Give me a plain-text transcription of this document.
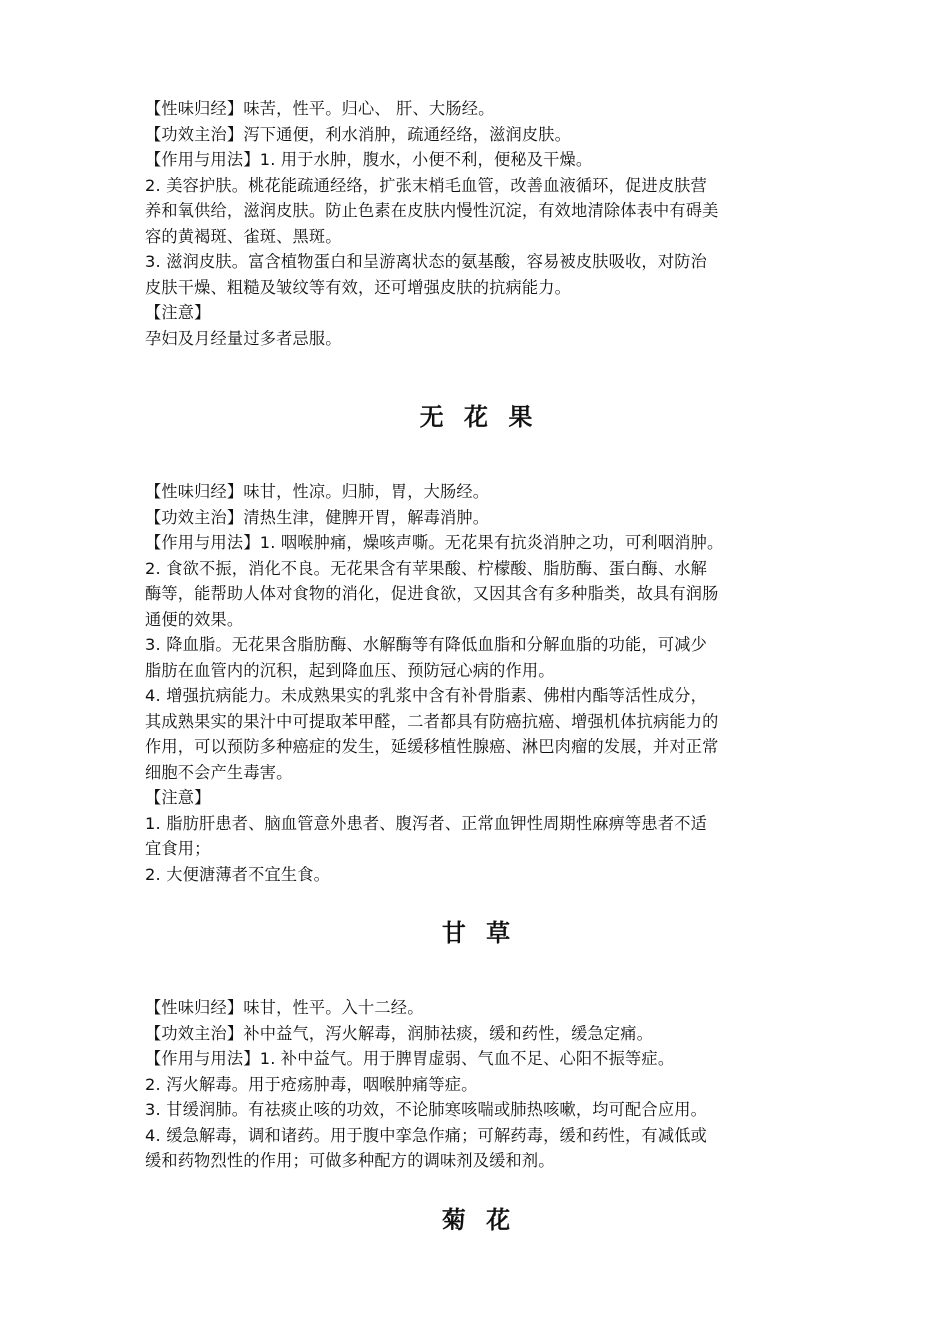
【性味归经】味苦，性平。归心、 肝、大肠经。
【功效主治】泻下通便，利水消肿，疏通经络，滋润皮肤。
【作用与用法】1. 用于水肿，腹水，小便不利，便秘及干燥。
2. 美容护肤。桃花能疏通经络，扩张末梢毛血管，改善血液循环，促进皮肤营
养和氧供给，滋润皮肤。防止色素在皮肤内慢性沉淀，有效地清除体表中有碍美
容的黄褐斑、雀斑、黑斑。
3. 滋润皮肤。富含植物蛋白和呈游离状态的氨基酸，容易被皮肤吸收，对防治
皮肤干燥、粗糙及皱纹等有效，还可增强皮肤的抗病能力。
【注意】
孕妇及月经量过多者忌服。
无 花 果
【性味归经】味甘，性凉。归肺，胃，大肠经。
【功效主治】清热生津，健脾开胃，解毒消肿。
【作用与用法】1. 咽喉肿痛，燥咳声嘶。无花果有抗炎消肿之功，可利咽消肿。
2. 食欲不振，消化不良。无花果含有苹果酸、柠檬酸、脂肪酶、蛋白酶、水解
酶等，能帮助人体对食物的消化，促进食欲，又因其含有多种脂类，故具有润肠
通便的效果。
3. 降血脂。无花果含脂肪酶、水解酶等有降低血脂和分解血脂的功能，可减少
脂肪在血管内的沉积，起到降血压、预防冠心病的作用。
4. 增强抗病能力。未成熟果实的乳浆中含有补骨脂素、佛柑内酯等活性成分，
其成熟果实的果汁中可提取苯甲醛，二者都具有防癌抗癌、增强机体抗病能力的
作用，可以预防多种癌症的发生，延缓移植性腺癌、淋巴肉瘤的发展，并对正常
细胞不会产生毒害。
【注意】
1. 脂肪肝患者、脑血管意外患者、腹泻者、正常血钾性周期性麻痹等患者不适
宜食用；
2. 大便溏薄者不宜生食。
甘 草
【性味归经】味甘，性平。入十二经。
【功效主治】补中益气，泻火解毒，润肺祛痰，缓和药性，缓急定痛。
【作用与用法】1. 补中益气。用于脾胃虚弱、气血不足、心阳不振等症。
2. 泻火解毒。用于疮疡肿毒，咽喉肿痛等症。
3. 甘缓润肺。有祛痰止咳的功效，不论肺寒咳喘或肺热咳嗽，均可配合应用。
4. 缓急解毒，调和诸药。用于腹中挛急作痛；可解药毒，缓和药性，有减低或
缓和药物烈性的作用；可做多种配方的调味剂及缓和剂。
菊 花
